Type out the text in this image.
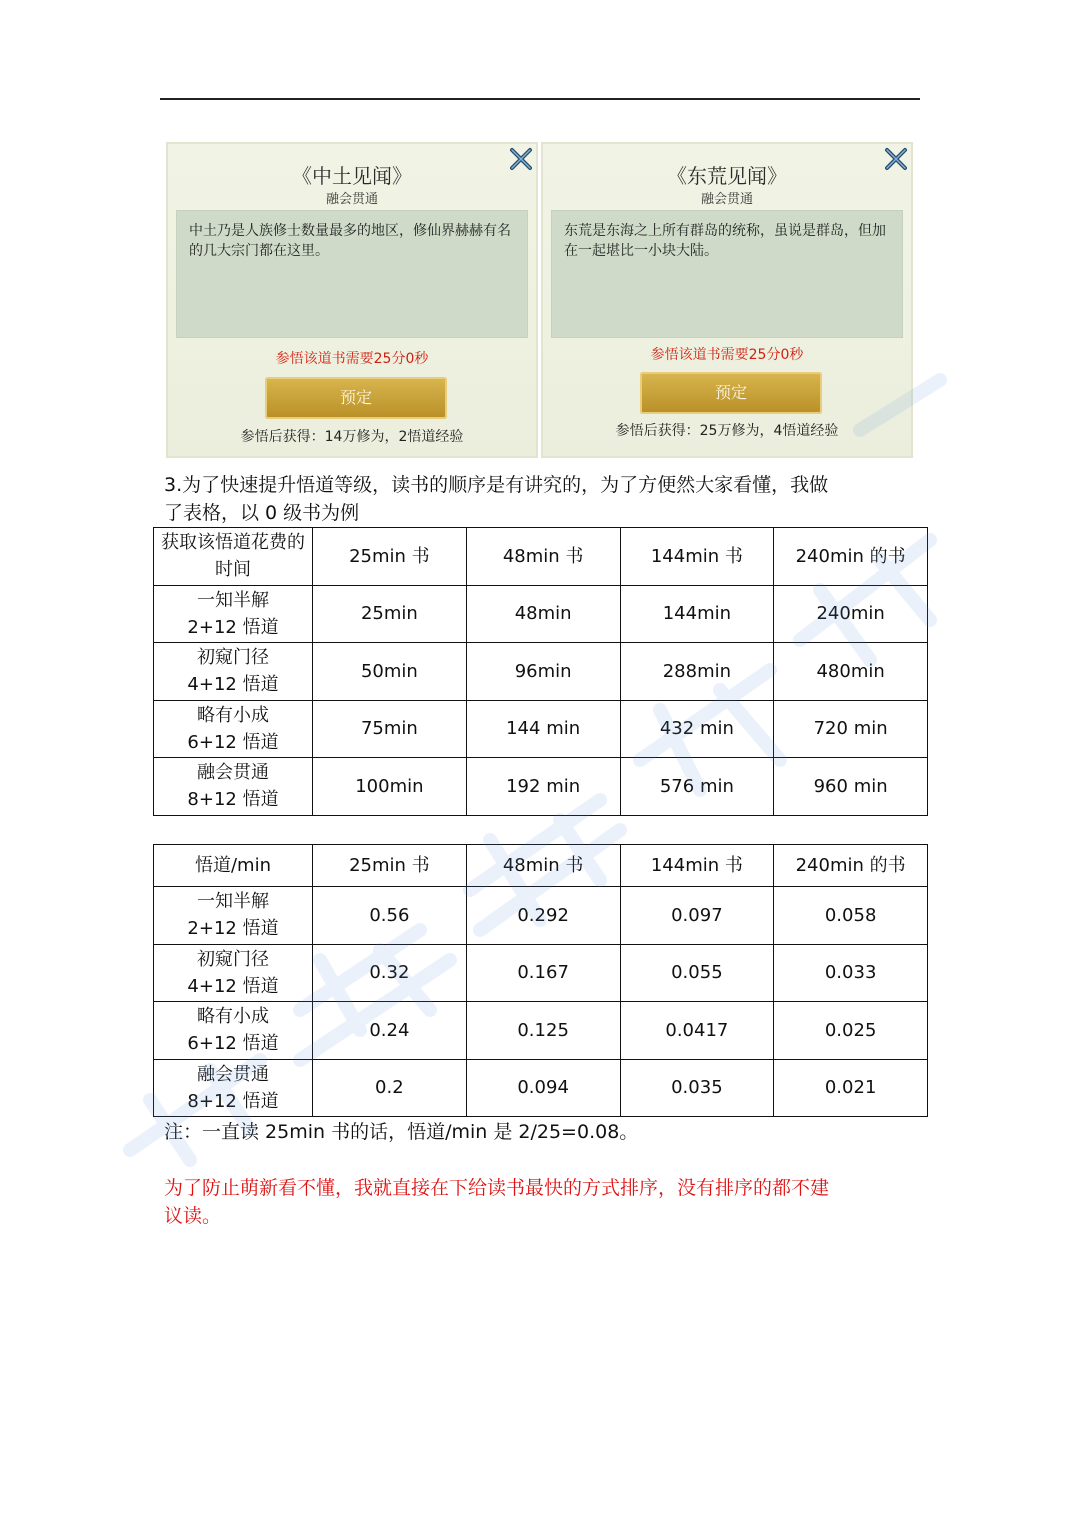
《中土见闻》
融会贯通
中土乃是人族修士数量最多的地区，修仙界赫赫有名的几大宗门都在这里。
参悟该道书需要25分0秒
预定
参悟后获得：14万修为，2悟道经验
《东荒见闻》
融会贯通
东荒是东海之上所有群岛的统称，虽说是群岛，但加在一起堪比一小块大陆。
参悟该道书需要25分0秒
预定
参悟后获得：25万修为，4悟道经验
3.为了快速提升悟道等级，读书的顺序是有讲究的，为了方便然大家看懂，我做
了表格，以 0 级书为例
获取该悟道花费的时间	25min 书	48min 书	144min 书	240min 的书

一知半解
2+12 悟道	25min	48min	144min	240min

初窥门径
4+12 悟道	50min	96min	288min	480min

略有小成
6+12 悟道	75min	144 min	432 min	720 min

融会贯通
8+12 悟道	100min	192 min	576 min	960 min
悟道/min	25min 书	48min 书	144min 书	240min 的书

一知半解
2+12 悟道	0.56	0.292	0.097	0.058

初窥门径
4+12 悟道	0.32	0.167	0.055	0.033

略有小成
6+12 悟道	0.24	0.125	0.0417	0.025

融会贯通
8+12 悟道	0.2	0.094	0.035	0.021
注：一直读 25min 书的话，悟道/min 是 2/25=0.08。
为了防止萌新看不懂，我就直接在下给读书最快的方式排序，没有排序的都不建
议读。
